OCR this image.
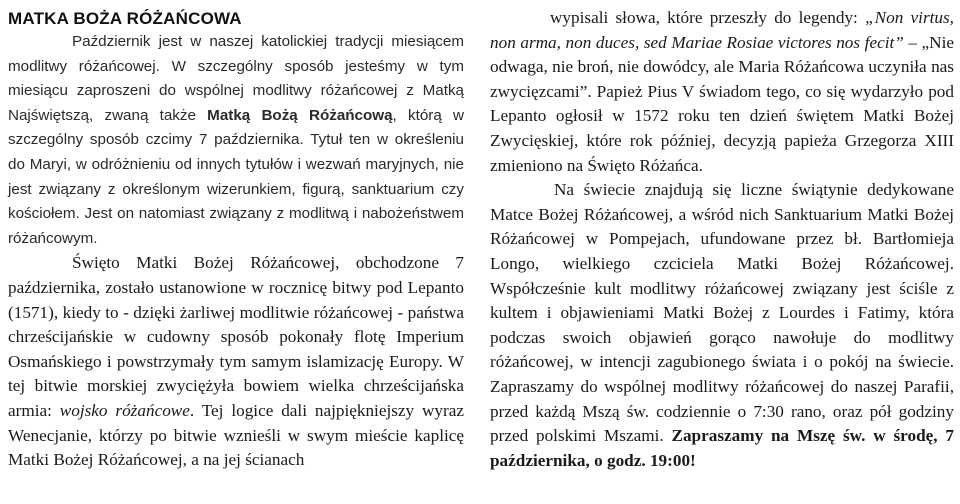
MATKA BOŻA RÓŻAŃCOWA

Październik jest w naszej katolickiej tradycji miesiącem modlitwy różańcowej. W szczególny sposób jesteśmy w tym miesiącu zaproszeni do wspólnej modlitwy różańcowej z Matką Najświętszą, zwaną także Matką Bożą Różańcową, którą w szczególny sposób czcimy 7 października. Tytuł ten w określeniu do Maryi, w odróżnieniu od innych tytułów i wezwań maryjnych, nie jest związany z określonym wizerunkiem, figurą, sanktuarium czy kościołem. Jest on natomiast związany z modlitwą i nabożeństwem różańcowym.

Święto Matki Bożej Różańcowej, obchodzone 7 października, zostało ustanowione w rocznicę bitwy pod Lepanto (1571), kiedy to - dzięki żarliwej modlitwie różańcowej - państwa chrześcijańskie w cudowny sposób pokonały flotę Imperium Osmańskiego i powstrzymały tym samym islamizację Europy. W tej bitwie morskiej zwyciężyła bowiem wielka chrześcijańska armia: wojsko różańcowe. Tej logice dali najpiękniejszy wyraz Wenecjanie, którzy po bitwie wznieśli w swym mieście kaplicę Matki Bożej Różańcowej, a na jej ścianach

wypisali słowa, które przeszły do legendy: „Non virtus, non arma, non duces, sed Mariae Rosiae victores nos fecit” – „Nie odwaga, nie broń, nie dowódcy, ale Maria Różańcowa uczyniła nas zwycięzcami”. Papież Pius V świadom tego, co się wydarzyło pod Lepanto ogłosił w 1572 roku ten dzień świętem Matki Bożej Zwycięskiej, które rok później, decyzją papieża Grzegorza XIII zmieniono na Święto Różańca.

Na świecie znajdują się liczne świątynie dedykowane Matce Bożej Różańcowej, a wśród nich Sanktuarium Matki Bożej Różańcowej w Pompejach, ufundowane przez bł. Bartłomieja Longo, wielkiego czciciela Matki Bożej Różańcowej. Współcześnie kult modlitwy różańcowej związany jest ściśle z kultem i objawieniami Matki Bożej z Lourdes i Fatimy, która podczas swoich objawień gorąco nawołuje do modlitwy różańcowej, w intencji zagubionego świata i o pokój na świecie. Zapraszamy do wspólnej modlitwy różańcowej do naszej Parafii, przed każdą Mszą św. codziennie o 7:30 rano, oraz pół godziny przed polskimi Mszami. Zapraszamy na Mszę św. w środę, 7 października, o godz. 19:00!
